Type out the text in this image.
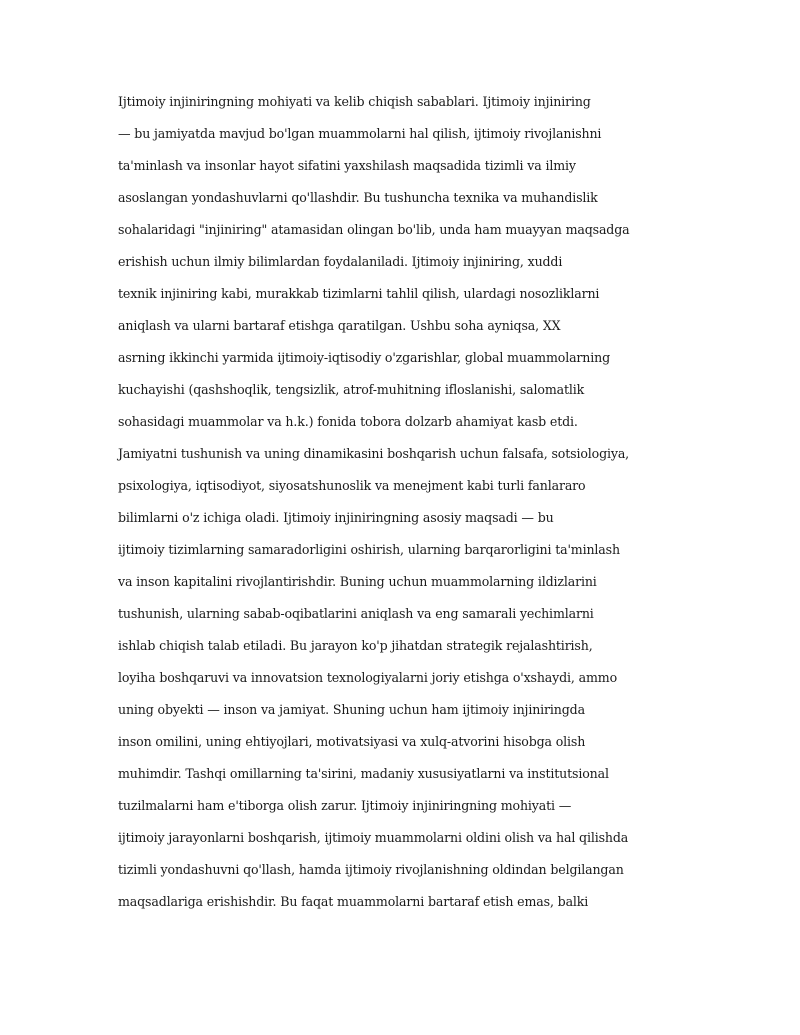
Ijtimoiy injiniringning mohiyati va kelib chiqish sabablari. Ijtimoiy injiniring
— bu jamiyatda mavjud bo'lgan muammolarni hal qilish, ijtimoiy rivojlanishni
ta'minlash va insonlar hayot sifatini yaxshilash maqsadida tizimli va ilmiy
asoslangan yondashuvlarni qo'llashdir. Bu tushuncha texnika va muhandislik
sohalaridagi "injiniring" atamasidan olingan bo'lib, unda ham muayyan maqsadga
erishish uchun ilmiy bilimlardan foydalaniladi. Ijtimoiy injiniring, xuddi
texnik injiniring kabi, murakkab tizimlarni tahlil qilish, ulardagi nosozliklarni
aniqlash va ularni bartaraf etishga qaratilgan. Ushbu soha ayniqsa, XX
asrning ikkinchi yarmida ijtimoiy-iqtisodiy o'zgarishlar, global muammolarning
kuchayishi (qashshoqlik, tengsizlik, atrof-muhitning ifloslanishi, salomatlik
sohasidagi muammolar va h.k.) fonida tobora dolzarb ahamiyat kasb etdi.
Jamiyatni tushunish va uning dinamikasini boshqarish uchun falsafa, sotsiologiya,
psixologiya, iqtisodiyot, siyosatshunoslik va menejment kabi turli fanlararo
bilimlarni o'z ichiga oladi. Ijtimoiy injiniringning asosiy maqsadi — bu
ijtimoiy tizimlarning samaradorligini oshirish, ularning barqarorligini ta'minlash
va inson kapitalini rivojlantirishdir. Buning uchun muammolarning ildizlarini
tushunish, ularning sabab-oqibatlarini aniqlash va eng samarali yechimlarni
ishlab chiqish talab etiladi. Bu jarayon ko'p jihatdan strategik rejalashtirish,
loyiha boshqaruvi va innovatsion texnologiyalarni joriy etishga o'xshaydi, ammo
uning obyekti — inson va jamiyat. Shuning uchun ham ijtimoiy injiniringda
inson omilini, uning ehtiyojlari, motivatsiyasi va xulq-atvorini hisobga olish
muhimdir. Tashqi omillarning ta'sirini, madaniy xususiyatlarni va institutsional
tuzilmalarni ham e'tiborga olish zarur. Ijtimoiy injiniringning mohiyati —
ijtimoiy jarayonlarni boshqarish, ijtimoiy muammolarni oldini olish va hal qilishda
tizimli yondashuvni qo'llash, hamda ijtimoiy rivojlanishning oldindan belgilangan
maqsadlariga erishishdir. Bu faqat muammolarni bartaraf etish emas, balki
